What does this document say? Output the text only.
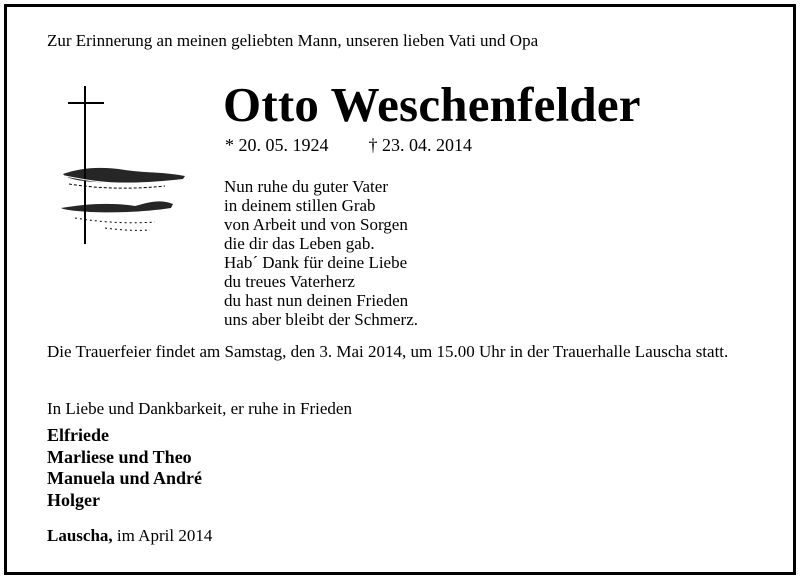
Zur Erinnerung an meinen geliebten Mann, unseren lieben Vati und Opa
Otto Weschenfelder
* 20. 05. 1924 † 23. 04. 2014
Nun ruhe du guter Vater
in deinem stillen Grab
von Arbeit und von Sorgen
die dir das Leben gab.
Hab´ Dank für deine Liebe
du treues Vaterherz
du hast nun deinen Frieden
uns aber bleibt der Schmerz.
Die Trauerfeier findet am Samstag, den 3. Mai 2014, um 15.00 Uhr in der Trauerhalle Lauscha statt.
In Liebe und Dankbarkeit, er ruhe in Frieden
Elfriede
Marliese und Theo
Manuela und André
Holger
Lauscha, im April 2014
